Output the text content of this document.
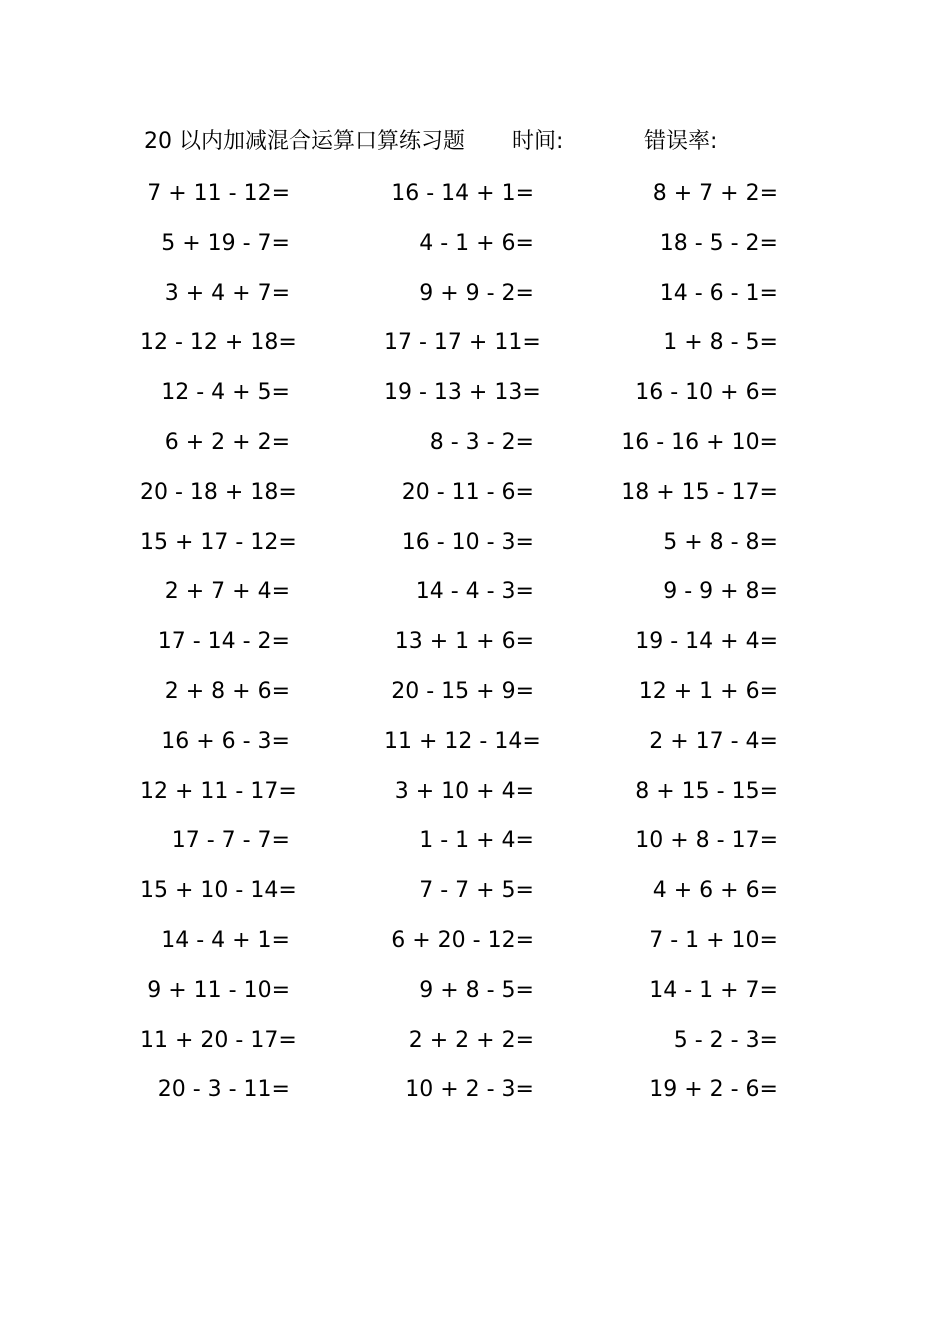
20 以内加减混合运算口算练习题 时间:	错误率:
7 + 11 - 12=	16 - 14 + 1=	8 + 7 + 2=
5 + 19 - 7=	4 - 1 + 6=	18 - 5 - 2=
3 + 4 + 7=	9 + 9 - 2=	14 - 6 - 1=
12 - 12 + 18=	17 - 17 + 11=	1 + 8 - 5=
12 - 4 + 5=	19 - 13 + 13=	16 - 10 + 6=
6 + 2 + 2=	8 - 3 - 2=	16 - 16 + 10=
20 - 18 + 18=	20 - 11 - 6=	18 + 15 - 17=
15 + 17 - 12=	16 - 10 - 3=	5 + 8 - 8=
2 + 7 + 4=	14 - 4 - 3=	9 - 9 + 8=
17 - 14 - 2=	13 + 1 + 6=	19 - 14 + 4=
2 + 8 + 6=	20 - 15 + 9=	12 + 1 + 6=
16 + 6 - 3=	11 + 12 - 14=	2 + 17 - 4=
12 + 11 - 17=	3 + 10 + 4=	8 + 15 - 15=
17 - 7 - 7=	1 - 1 + 4=	10 + 8 - 17=
15 + 10 - 14=	7 - 7 + 5=	4 + 6 + 6=
14 - 4 + 1=	6 + 20 - 12=	7 - 1 + 10=
9 + 11 - 10=	9 + 8 - 5=	14 - 1 + 7=
11 + 20 - 17=	2 + 2 + 2=	5 - 2 - 3=
20 - 3 - 11=	10 + 2 - 3=	19 + 2 - 6=
